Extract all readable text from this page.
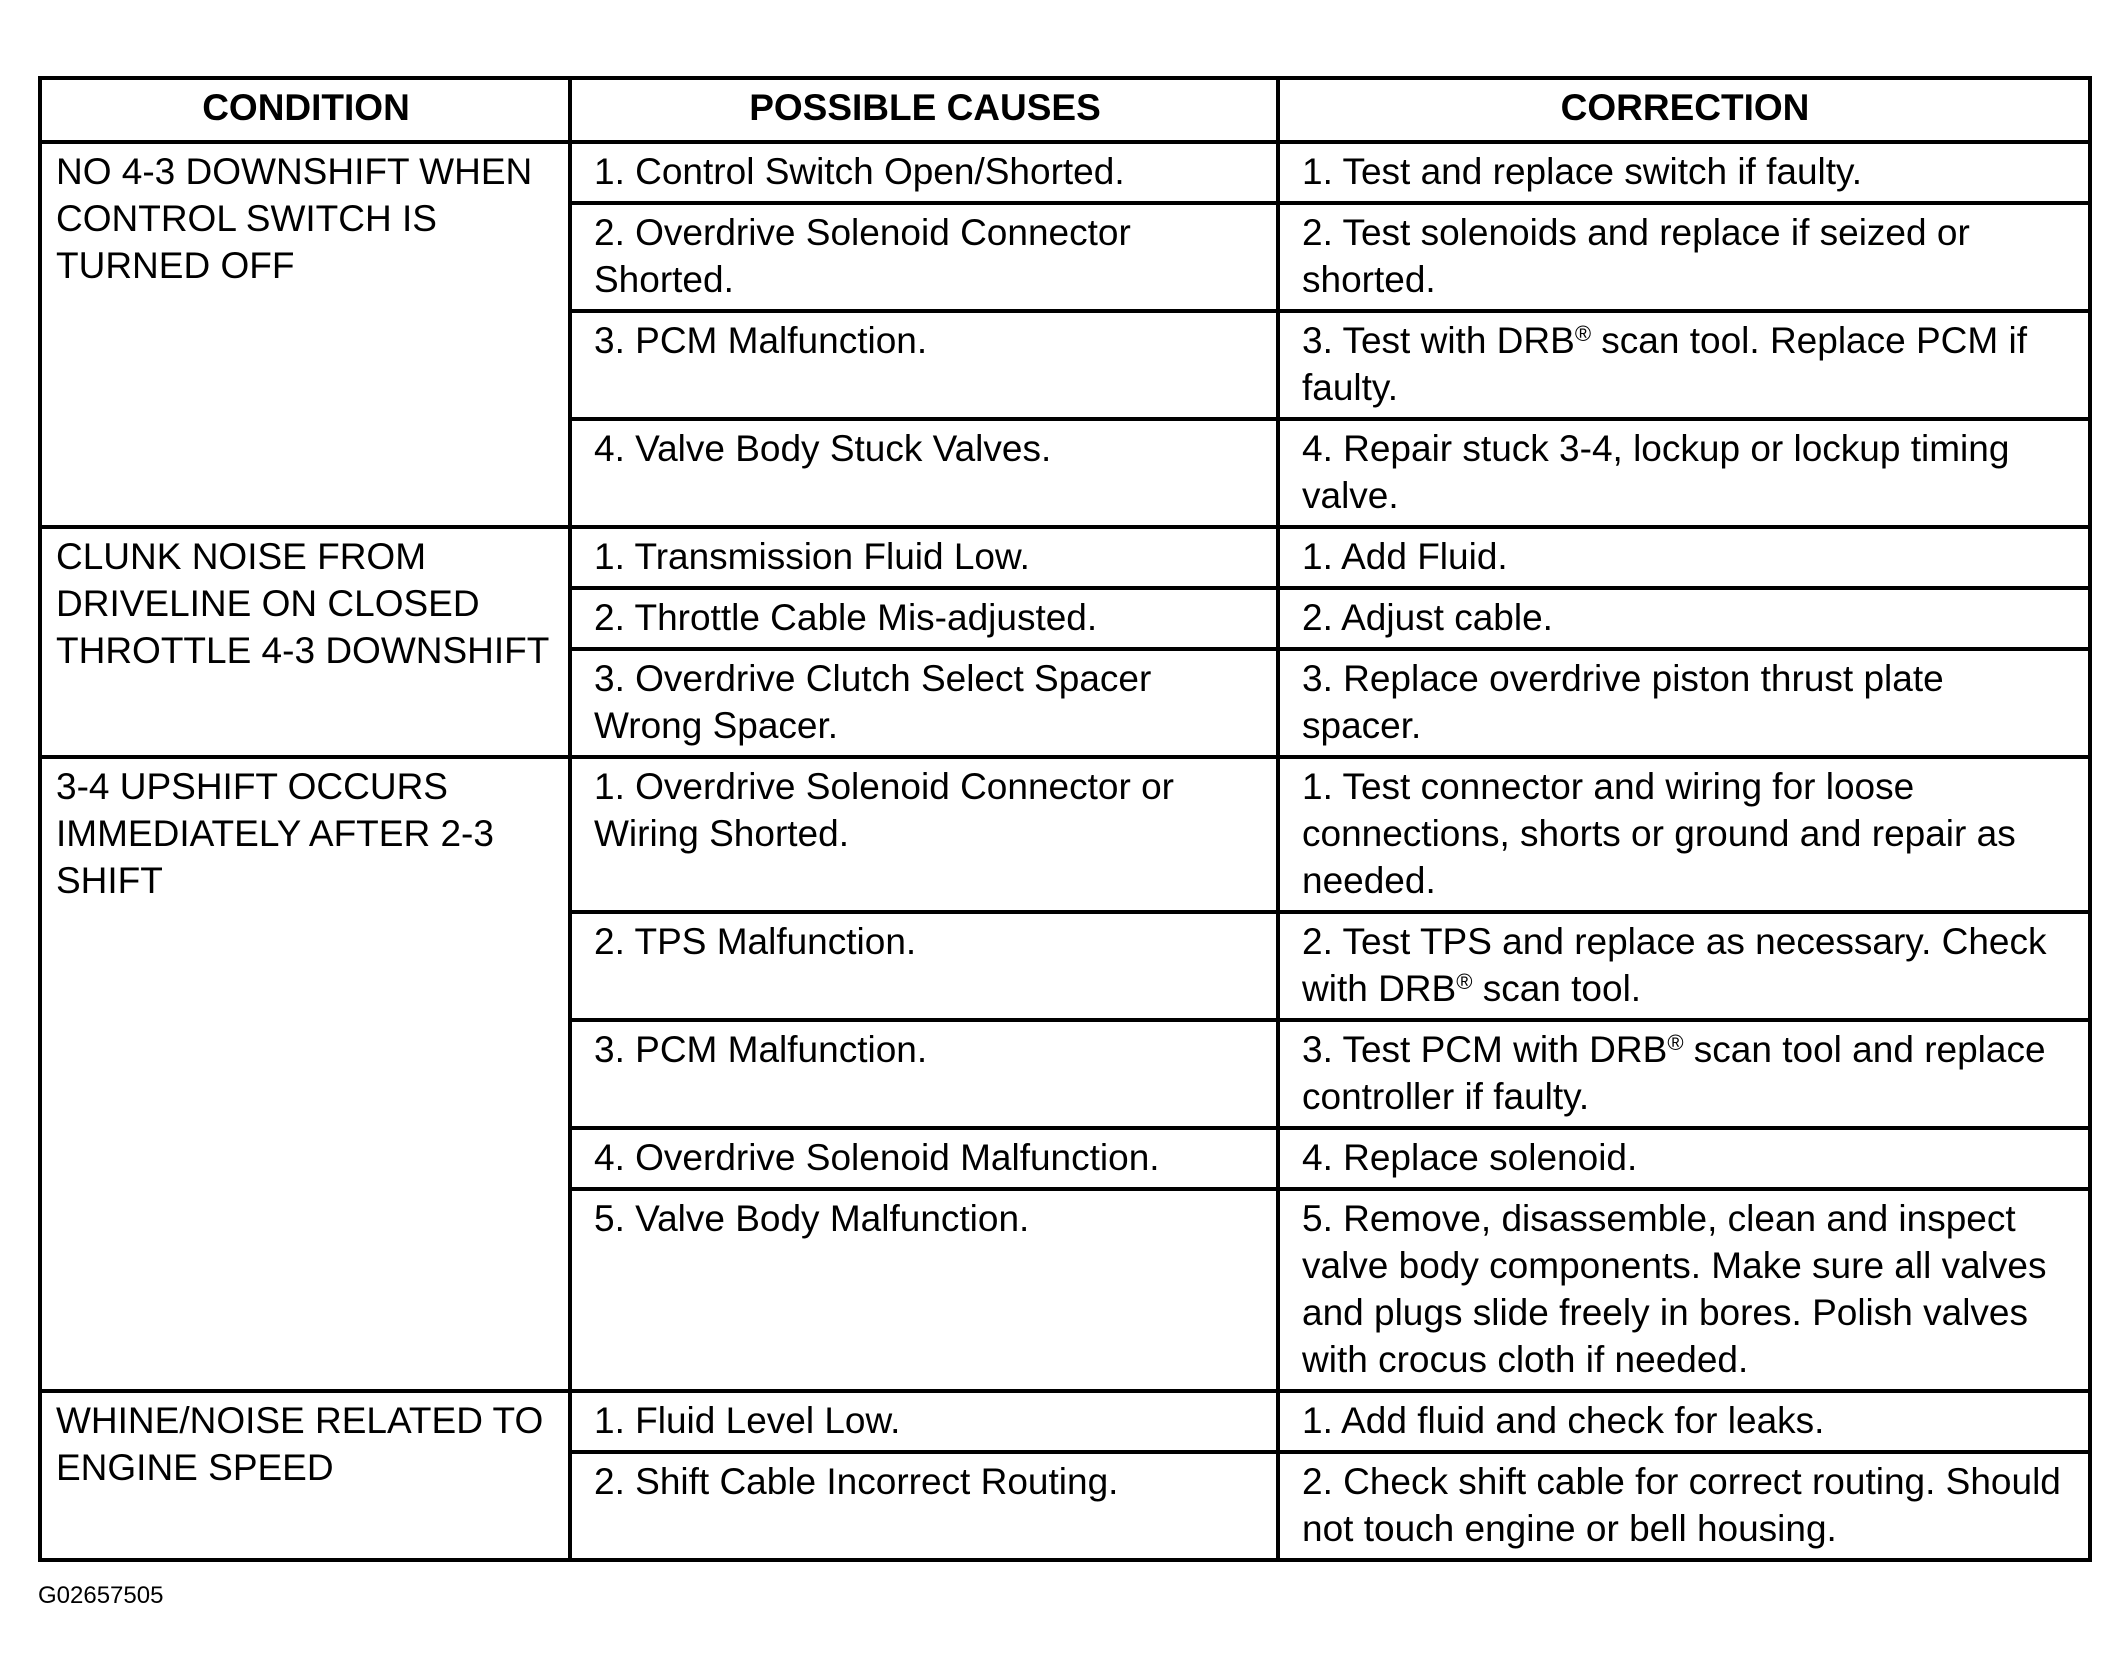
CONDITION	POSSIBLE CAUSES	CORRECTION
NO 4-3 DOWNSHIFT WHEN CONTROL SWITCH IS TURNED OFF	1. Control Switch Open/Shorted.	1. Test and replace switch if faulty.
	2. Overdrive Solenoid Connector Shorted.	2. Test solenoids and replace if seized or shorted.
	3. PCM Malfunction.	3. Test with DRB® scan tool. Replace PCM if faulty.
	4. Valve Body Stuck Valves.	4. Repair stuck 3-4, lockup or lockup timing valve.
CLUNK NOISE FROM DRIVELINE ON CLOSED THROTTLE 4-3 DOWNSHIFT	1. Transmission Fluid Low.	1. Add Fluid.
	2. Throttle Cable Mis-adjusted.	2. Adjust cable.
	3. Overdrive Clutch Select Spacer Wrong Spacer.	3. Replace overdrive piston thrust plate spacer.
3-4 UPSHIFT OCCURS IMMEDIATELY AFTER 2-3 SHIFT	1. Overdrive Solenoid Connector or Wiring Shorted.	1. Test connector and wiring for loose connections, shorts or ground and repair as needed.
	2. TPS Malfunction.	2. Test TPS and replace as necessary. Check with DRB® scan tool.
	3. PCM Malfunction.	3. Test PCM with DRB® scan tool and replace controller if faulty.
	4. Overdrive Solenoid Malfunction.	4. Replace solenoid.
	5. Valve Body Malfunction.	5. Remove, disassemble, clean and inspect valve body components. Make sure all valves and plugs slide freely in bores. Polish valves with crocus cloth if needed.
WHINE/NOISE RELATED TO ENGINE SPEED	1. Fluid Level Low.	1. Add fluid and check for leaks.
	2. Shift Cable Incorrect Routing.	2. Check shift cable for correct routing. Should not touch engine or bell housing.
G02657505
